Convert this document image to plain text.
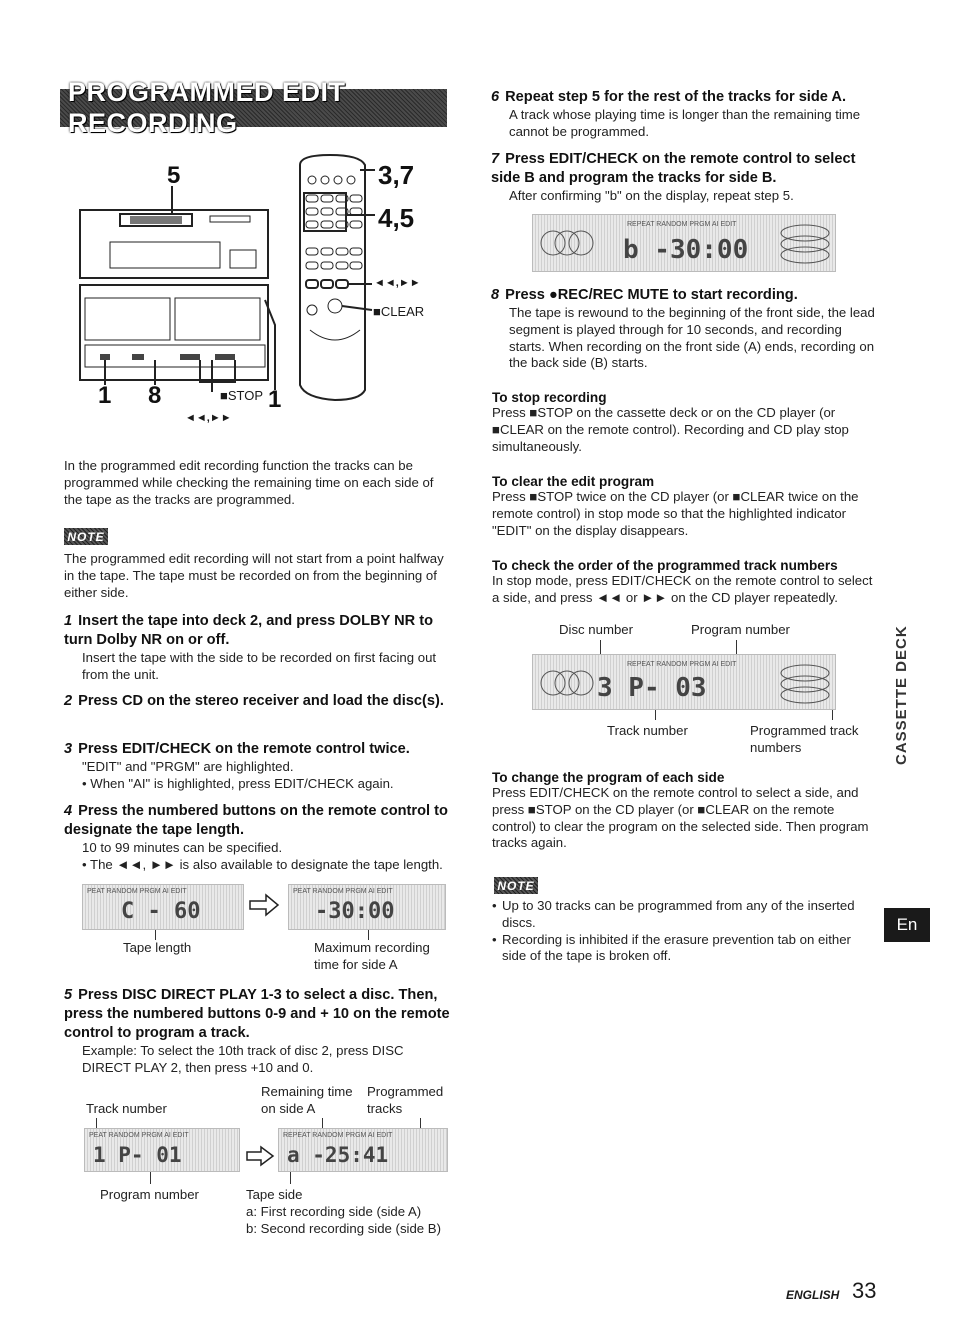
PROGRAMMED EDIT RECORDING
5	3,7
4,5
◄◄,►►
■CLEAR
1 8	■STOP 1
◄◄,►►
In the programmed edit recording function the tracks can be programmed while checking the remaining time on each side of the tape as the tracks are programmed.
NOTE
The programmed edit recording will not start from a point halfway in the tape. The tape must be recorded on from the beginning of either side.
1 Insert the tape into deck 2, and press DOLBY NR to turn Dolby NR on or off.
Insert the tape with the side to be recorded on first facing out from the unit.
2 Press CD on the stereo receiver and load the disc(s).
3 Press EDIT/CHECK on the remote control twice.
"EDIT" and "PRGM" are highlighted.
• When "AI" is highlighted, press EDIT/CHECK again.
4 Press the numbered buttons on the remote control to designate the tape length.
10 to 99 minutes can be specified.
• The ◄◄, ►► is also available to designate the tape length.
PEAT RANDOM PRGM AI EDIT
C - 60
PEAT RANDOM PRGM AI EDIT
-30:00
Tape length	Maximum recording time for side A
5 Press DISC DIRECT PLAY 1-3 to select a disc. Then, press the numbered buttons 0-9 and + 10 on the remote control to program a track.
Example: To select the 10th track of disc 2, press DISC DIRECT PLAY 2, then press +10 and 0.
Track number
Remaining time on side A
Programmed tracks
PEAT RANDOM PRGM AI EDIT
1 P- 01
REPEAT RANDOM PRGM AI EDIT
a -25:41
Program number	Tape side
a: First recording side (side A)
b: Second recording side (side B)
6 Repeat step 5 for the rest of the tracks for side A.
A track whose playing time is longer than the remaining time cannot be programmed.
7 Press EDIT/CHECK on the remote control to select side B and program the tracks for side B.
After confirming "b" on the display, repeat step 5.
REPEAT RANDOM PRGM AI EDIT
b -30:00
8 Press ●REC/REC MUTE to start recording.
The tape is rewound to the beginning of the front side, the lead segment is played through for 10 seconds, and recording starts. When recording on the front side (A) ends, recording on the back side (B) starts.
To stop recording
Press ■STOP on the cassette deck or on the CD player (or ■CLEAR on the remote control). Recording and CD play stop simultaneously.
To clear the edit program
Press ■STOP twice on the CD player (or ■CLEAR twice on the remote control) in stop mode so that the highlighted indicator "EDIT" on the display disappears.
To check the order of the programmed track numbers
In stop mode, press EDIT/CHECK on the remote control to select a side, and press ◄◄ or ►► on the CD player repeatedly.
Disc number	Program number
REPEAT RANDOM PRGM AI EDIT
3 P- 03
Track number	Programmed track numbers
To change the program of each side
Press EDIT/CHECK on the remote control to select a side, and press ■STOP on the CD player (or ■CLEAR on the remote control) to clear the program on the selected side. Then program tracks again.
NOTE
• Up to 30 tracks can be programmed from any of the inserted discs.
• Recording is inhibited if the erasure prevention tab on either side of the tape is broken off.
CASSETTE DECK
En
ENGLISH 33
